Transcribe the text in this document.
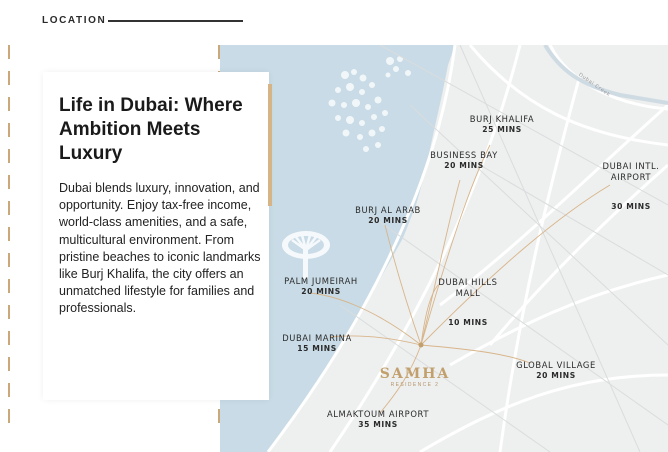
LOCATION
BURJ KHALIFA
25 MINS
BUSINESS BAY
20 MINS	DUBAI INTL.
AIRPORT

30 MINS

BURJ AL ARAB
20 MINS

DUBAI HILLS
MALL

10 MINS

PALM JUMEIRAH
20 MINS
DUBAI MARINA
15 MINS
GLOBAL VILLAGE
20 MINS
ALMAKTOUM AIRPORT
35 MINS
Dubai Creek
SAMHA
RESIDENCE 2
Life in Dubai: Where Ambition Meets Luxury
Dubai blends luxury, innovation, and opportunity. Enjoy tax-free income, world-class amenities, and a safe, multicultural environment. From pristine beaches to iconic landmarks like Burj Khalifa, the city offers an unmatched lifestyle for families and professionals.
